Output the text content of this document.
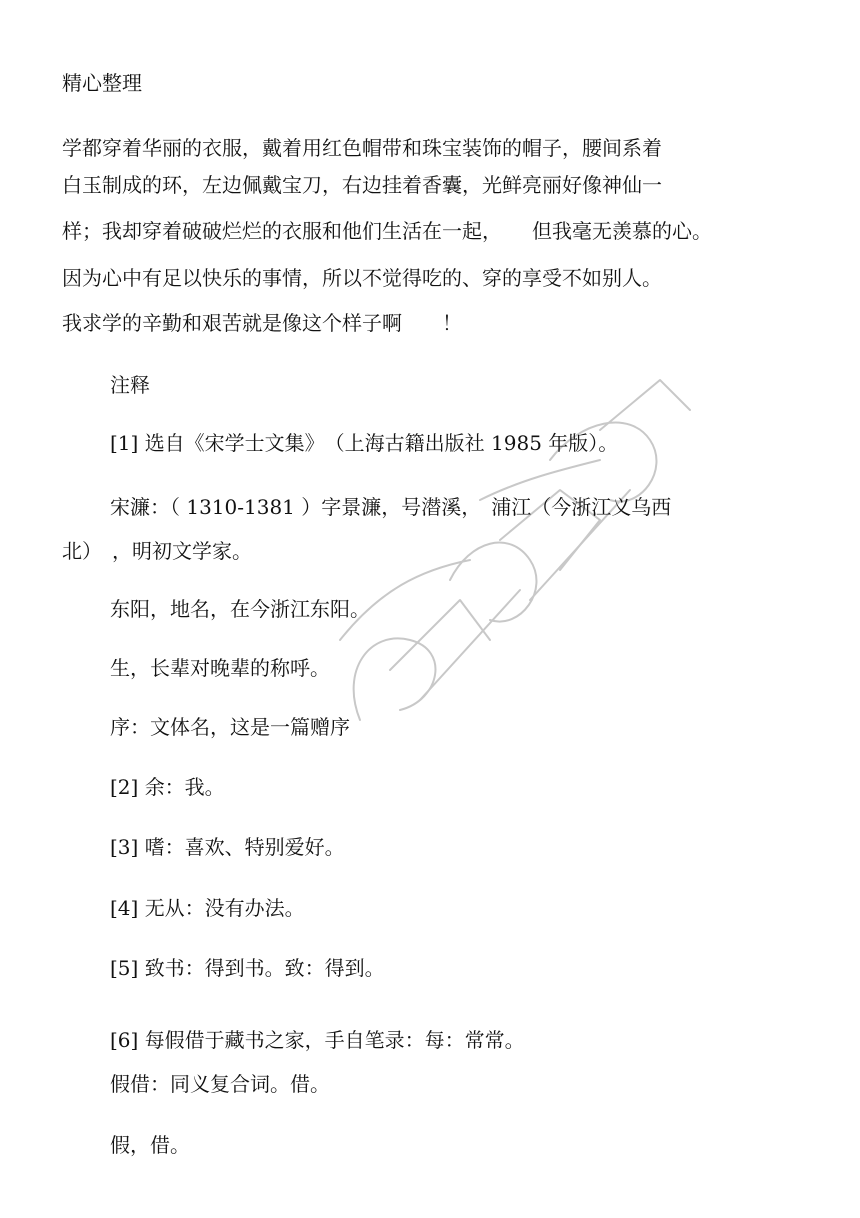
精心整理
学都穿着华丽的衣服，戴着用红色帽带和珠宝装饰的帽子，腰间系着
白玉制成的环，左边佩戴宝刀，右边挂着香囊，光鲜亮丽好像神仙一
样；我却穿着破破烂烂的衣服和他们生活在一起，　　但我毫无羡慕的心。
因为心中有足以快乐的事情，所以不觉得吃的、穿的享受不如别人。
我求学的辛勤和艰苦就是像这个样子啊　　！
注释
[1] 选自《宋学士文集》　（上海古籍出版社 1985 年版）。
宋濂：（ 1310-1381 ）字景濂，号潜溪，　浦江（今浙江义乌西
北）　，明初文学家。
东阳，地名，在今浙江东阳。
生，长辈对晚辈的称呼。
序：文体名，这是一篇赠序
[2] 余：我。
[3] 嗜：喜欢、特别爱好。
[4] 无从：没有办法。
[5] 致书：得到书。致：得到。
[6] 每假借于藏书之家，手自笔录：每：常常。
假借：同义复合词。借。
假，借。
